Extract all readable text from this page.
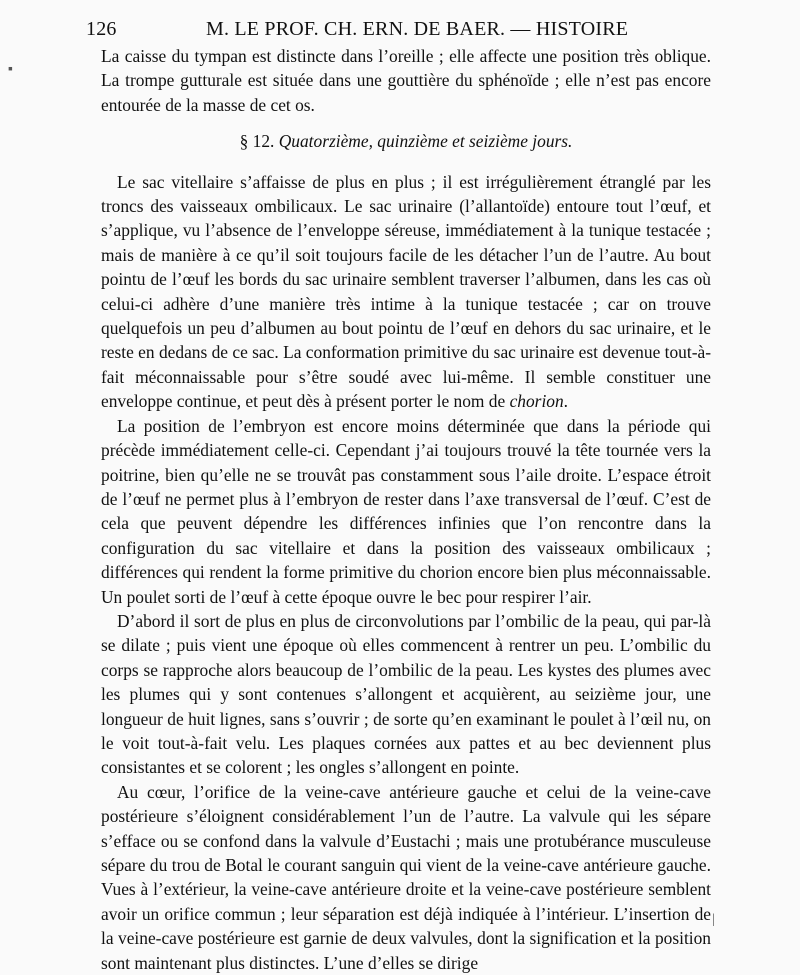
126	M. LE PROF. CH. ERN. DE BAER. — HISTOIRE

La caisse du tympan est distincte dans l’oreille ; elle affecte une position très oblique. La trompe gutturale est située dans une gouttière du sphénoïde ; elle n’est pas encore entourée de la masse de cet os.

§ 12. Quatorzième, quinzième et seizième jours.

Le sac vitellaire s’affaisse de plus en plus ; il est irrégulièrement étranglé par les troncs des vaisseaux ombilicaux. Le sac urinaire (l’allantoïde) entoure tout l’œuf, et s’applique, vu l’absence de l’enveloppe séreuse, immédiatement à la tunique testacée ; mais de manière à ce qu’il soit toujours facile de les détacher l’un de l’autre. Au bout pointu de l’œuf les bords du sac urinaire semblent traverser l’albumen, dans les cas où celui-ci adhère d’une manière très intime à la tunique testacée ; car on trouve quelquefois un peu d’albumen au bout pointu de l’œuf en dehors du sac urinaire, et le reste en dedans de ce sac. La conformation primitive du sac urinaire est devenue tout-à-fait méconnaissable pour s’être soudé avec lui-même. Il semble constituer une enveloppe continue, et peut dès à présent porter le nom de chorion.

La position de l’embryon est encore moins déterminée que dans la période qui précède immédiatement celle-ci. Cependant j’ai toujours trouvé la tête tournée vers la poitrine, bien qu’elle ne se trouvât pas constamment sous l’aile droite. L’espace étroit de l’œuf ne permet plus à l’embryon de rester dans l’axe transversal de l’œuf. C’est de cela que peuvent dépendre les différences infinies que l’on rencontre dans la configuration du sac vitellaire et dans la position des vaisseaux ombilicaux ; différences qui rendent la forme primitive du chorion encore bien plus méconnaissable. Un poulet sorti de l’œuf à cette époque ouvre le bec pour respirer l’air.

D’abord il sort de plus en plus de circonvolutions par l’ombilic de la peau, qui par-là se dilate ; puis vient une époque où elles commencent à rentrer un peu. L’ombilic du corps se rapproche alors beaucoup de l’ombilic de la peau. Les kystes des plumes avec les plumes qui y sont contenues s’allongent et acquièrent, au seizième jour, une longueur de huit lignes, sans s’ouvrir ; de sorte qu’en examinant le poulet à l’œil nu, on le voit tout-à-fait velu. Les plaques cornées aux pattes et au bec deviennent plus consistantes et se colorent ; les ongles s’allongent en pointe.

Au cœur, l’orifice de la veine-cave antérieure gauche et celui de la veine-cave postérieure s’éloignent considérablement l’un de l’autre. La valvule qui les sépare s’efface ou se confond dans la valvule d’Eustachi ; mais une protubérance musculeuse sépare du trou de Botal le courant sanguin qui vient de la veine-cave antérieure gauche. Vues à l’extérieur, la veine-cave antérieure droite et la veine-cave postérieure semblent avoir un orifice commun ; leur séparation est déjà indiquée à l’intérieur. L’insertion de la veine-cave postérieure est garnie de deux valvules, dont la signification et la position sont maintenant plus distinctes. L’une d’elles se dirige

▪
|
